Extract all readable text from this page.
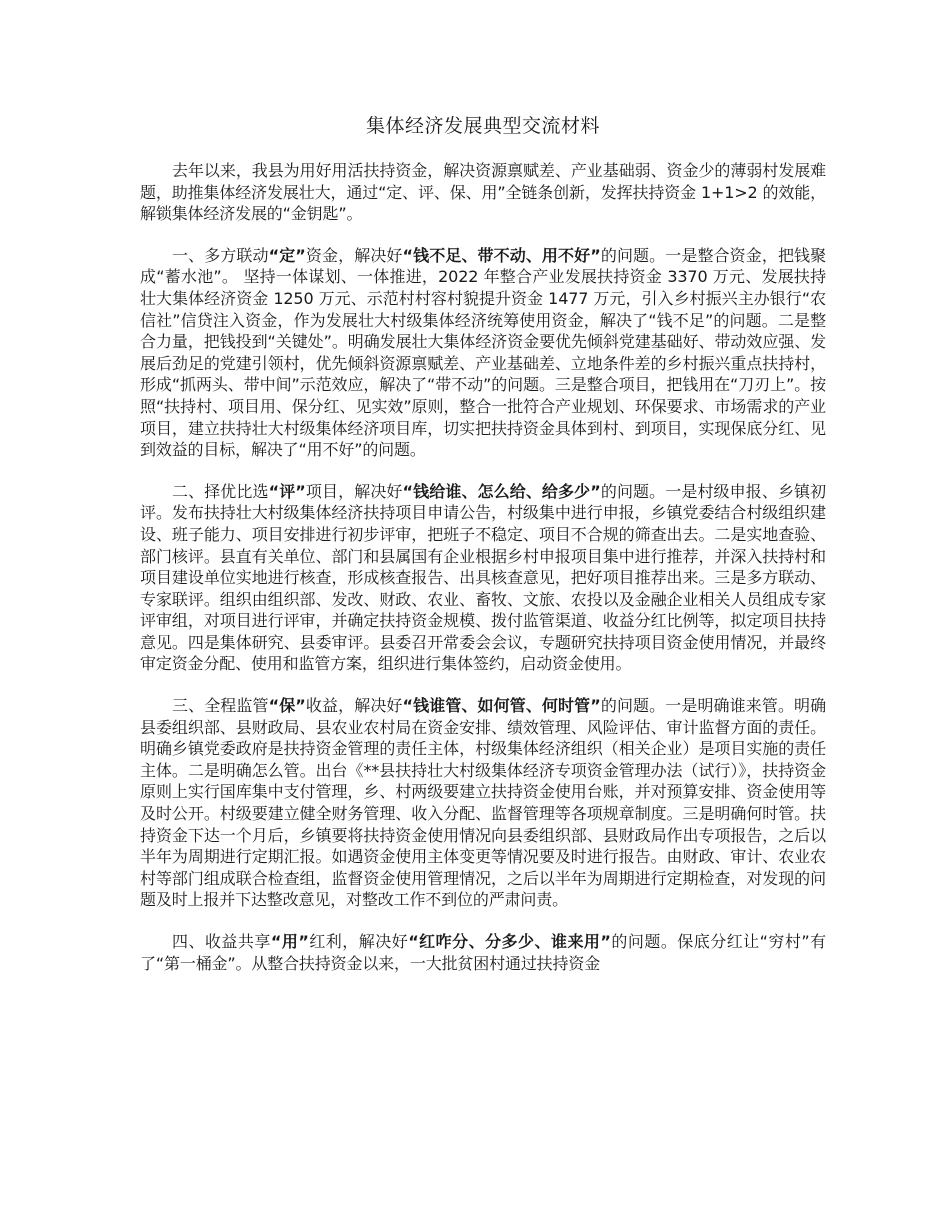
集体经济发展典型交流材料

去年以来，我县为用好用活扶持资金，解决资源禀赋差、产业基础弱、资金少的薄弱村发展难题，助推集体经济发展壮大，通过“定、评、保、用”全链条创新，发挥扶持资金 1+1>2 的效能，解锁集体经济发展的“金钥匙”。

一、多方联动“定”资金，解决好“钱不足、带不动、用不好”的问题。一是整合资金，把钱聚成“蓄水池”。 坚持一体谋划、一体推进，2022 年整合产业发展扶持资金 3370 万元、发展扶持壮大集体经济资金 1250 万元、示范村村容村貌提升资金 1477 万元，引入乡村振兴主办银行“农信社”信贷注入资金，作为发展壮大村级集体经济统筹使用资金，解决了“钱不足”的问题。二是整合力量，把钱投到“关键处”。明确发展壮大集体经济资金要优先倾斜党建基础好、带动效应强、发展后劲足的党建引领村，优先倾斜资源禀赋差、产业基础差、立地条件差的乡村振兴重点扶持村，形成“抓两头、带中间”示范效应，解决了“带不动”的问题。三是整合项目，把钱用在“刀刃上”。按照“扶持村、项目用、保分红、见实效”原则，整合一批符合产业规划、环保要求、市场需求的产业项目，建立扶持壮大村级集体经济项目库，切实把扶持资金具体到村、到项目，实现保底分红、见到效益的目标，解决了“用不好”的问题。

二、择优比选“评”项目，解决好“钱给谁、怎么给、给多少”的问题。一是村级申报、乡镇初评。发布扶持壮大村级集体经济扶持项目申请公告，村级集中进行申报，乡镇党委结合村级组织建设、班子能力、项目安排进行初步评审，把班子不稳定、项目不合规的筛查出去。二是实地查验、部门核评。县直有关单位、部门和县属国有企业根据乡村申报项目集中进行推荐，并深入扶持村和项目建设单位实地进行核查，形成核查报告、出具核查意见，把好项目推荐出来。三是多方联动、专家联评。组织由组织部、发改、财政、农业、畜牧、文旅、农投以及金融企业相关人员组成专家评审组，对项目进行评审，并确定扶持资金规模、拨付监管渠道、收益分红比例等，拟定项目扶持意见。四是集体研究、县委审评。县委召开常委会会议，专题研究扶持项目资金使用情况，并最终审定资金分配、使用和监管方案，组织进行集体签约，启动资金使用。

三、全程监管“保”收益，解决好“钱谁管、如何管、何时管”的问题。一是明确谁来管。明确县委组织部、县财政局、县农业农村局在资金安排、绩效管理、风险评估、审计监督方面的责任。明确乡镇党委政府是扶持资金管理的责任主体，村级集体经济组织（相关企业）是项目实施的责任主体。二是明确怎么管。出台《**县扶持壮大村级集体经济专项资金管理办法（试行）》，扶持资金原则上实行国库集中支付管理，乡、村两级要建立扶持资金使用台账，并对预算安排、资金使用等及时公开。村级要建立健全财务管理、收入分配、监督管理等各项规章制度。三是明确何时管。扶持资金下达一个月后，乡镇要将扶持资金使用情况向县委组织部、县财政局作出专项报告，之后以半年为周期进行定期汇报。如遇资金使用主体变更等情况要及时进行报告。由财政、审计、农业农村等部门组成联合检查组，监督资金使用管理情况，之后以半年为周期进行定期检查，对发现的问题及时上报并下达整改意见，对整改工作不到位的严肃问责。

四、收益共享“用”红利，解决好“红咋分、分多少、谁来用”的问题。保底分红让“穷村”有了“第一桶金”。从整合扶持资金以来，一大批贫困村通过扶持资金
